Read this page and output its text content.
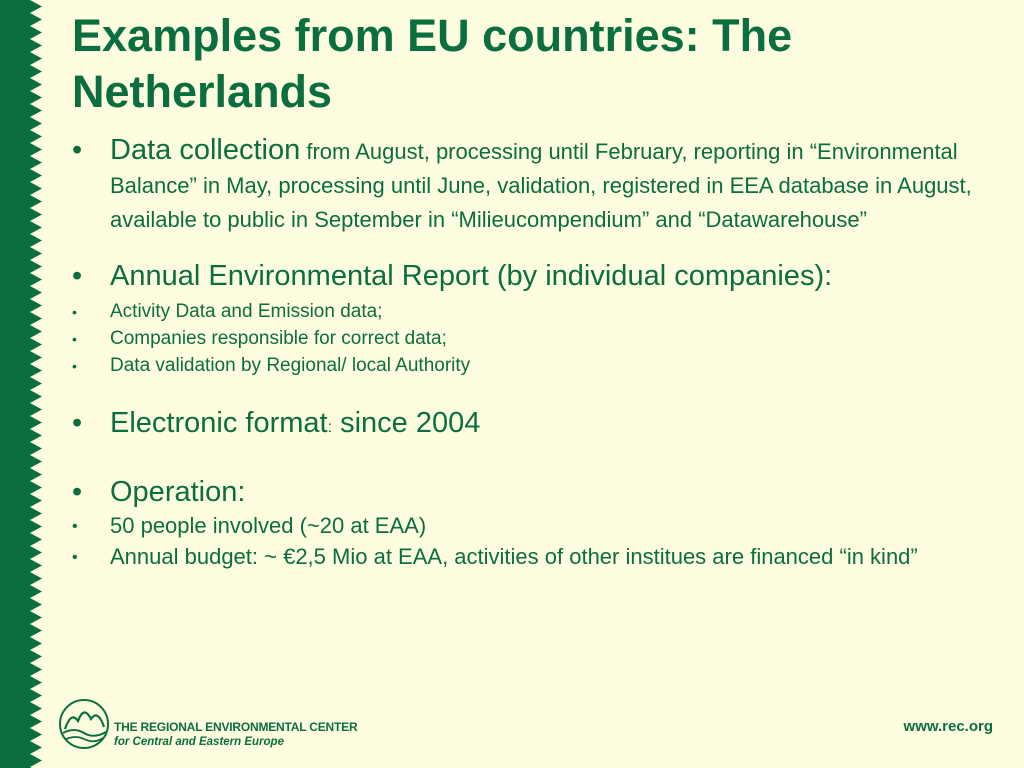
Examples from EU countries: The Netherlands
• Data collection from August, processing until February, reporting in “Environmental Balance” in May, processing until June, validation, registered in EEA database in August, available to public in September in “Milieucompendium” and “Datawarehouse”
• Annual Environmental Report (by individual companies):
• Activity Data and Emission data;
• Companies responsible for correct data;
• Data validation by Regional/ local Authority
• Electronic format: since 2004
• Operation:
• 50 people involved (~20 at EAA)
• Annual budget: ~ €2,5 Mio at EAA, activities of other institues are financed “in kind”
THE REGIONAL ENVIRONMENTAL CENTER
for Central and Eastern Europe
www.rec.org
